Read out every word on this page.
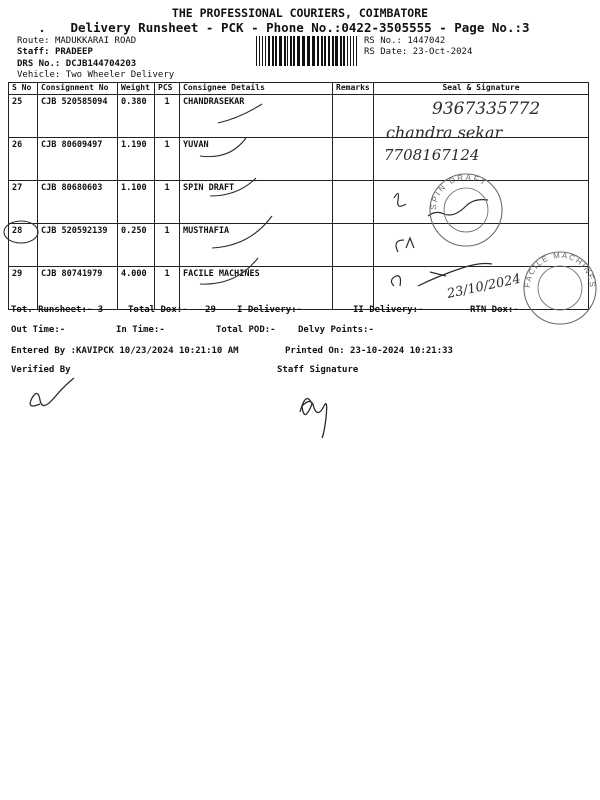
THE PROFESSIONAL COURIERS, COIMBATORE
Delivery Runsheet - PCK - Phone No.:0422-3505555 - Page No.:3
Route: MADUKKARAI ROAD
Staff: PRADEEP
DRS No.: DCJB144704203
Vehicle: Two Wheeler Delivery
RS No.: 1447042
RS Date: 23-Oct-2024
S No	Consignment No	Weight	PCS	Consignee Details	Remarks	Seal & Signature
25	CJB 520585094	0.380	1	CHANDRASEKAR		
26	CJB 80609497	1.190	1	YUVAN		
27	CJB 80680603	1.100	1	SPIN DRAFT		
28	CJB 520592139	0.250	1	MUSTHAFIA		
29	CJB 80741979	4.000	1	FACILE MACHINES		
9367335772
chandra sekar
7708167124
23/10/2024
SPIN DRAFT
FACILE MACHINES
Tot. Runsheet:- 3	Total Dox:- 29 I Delivery:-	II Delivery:-	RTN Dox:-
Out Time:-	In Time:-	Total POD:- Delvy Points:-
Entered By :KAVIPCK 10/23/2024 10:21:10 AM	Printed On: 23-10-2024 10:21:33
Verified By	Staff Signature
